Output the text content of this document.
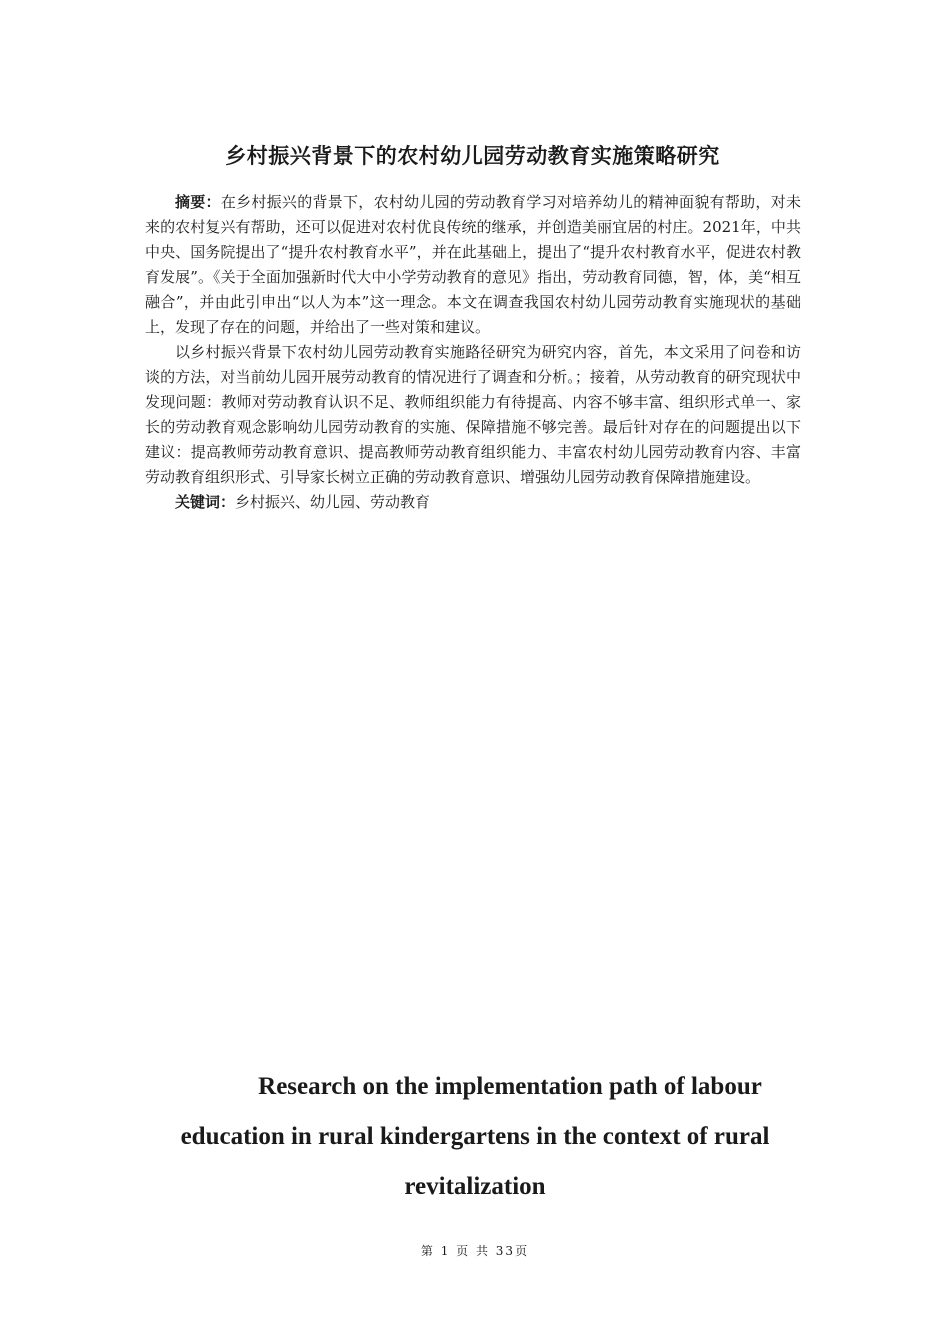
乡村振兴背景下的农村幼儿园劳动教育实施策略研究

摘要：在乡村振兴的背景下，农村幼儿园的劳动教育学习对培养幼儿的精神面貌有帮助，对未来的农村复兴有帮助，还可以促进对农村优良传统的继承，并创造美丽宜居的村庄。2021年，中共中央、国务院提出了“提升农村教育水平”，并在此基础上，提出了“提升农村教育水平，促进农村教育发展”。《关于全面加强新时代大中小学劳动教育的意见》指出，劳动教育同德，智，体，美“相互融合”，并由此引申出“以人为本”这一理念。本文在调查我国农村幼儿园劳动教育实施现状的基础上，发现了存在的问题，并给出了一些对策和建议。

以乡村振兴背景下农村幼儿园劳动教育实施路径研究为研究内容，首先，本文采用了问卷和访谈的方法，对当前幼儿园开展劳动教育的情况进行了调查和分析。；接着，从劳动教育的研究现状中发现问题：教师对劳动教育认识不足、教师组织能力有待提高、内容不够丰富、组织形式单一、家长的劳动教育观念影响幼儿园劳动教育的实施、保障措施不够完善。最后针对存在的问题提出以下建议：提高教师劳动教育意识、提高教师劳动教育组织能力、丰富农村幼儿园劳动教育内容、丰富劳动教育组织形式、引导家长树立正确的劳动教育意识、增强幼儿园劳动教育保障措施建设。

关键词：乡村振兴、幼儿园、劳动教育

Research on the implementation path of labour education in rural kindergartens in the context of rural revitalization
第 1 页 共 33页
